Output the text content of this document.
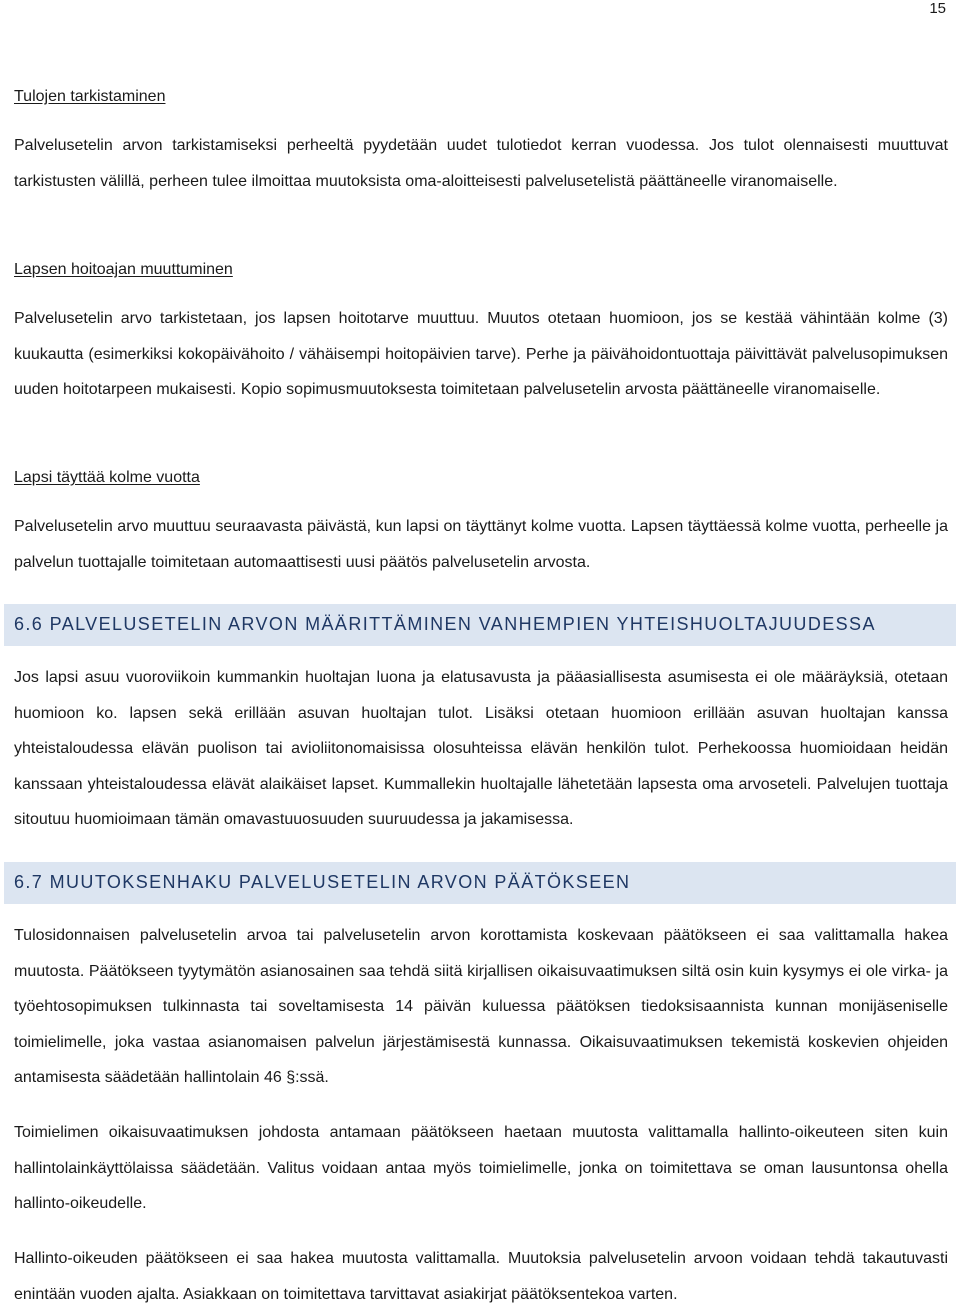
15
Tulojen tarkistaminen

Palvelusetelin arvon tarkistamiseksi perheeltä pyydetään uudet tulotiedot kerran vuodessa. Jos tulot olennaisesti muuttuvat tarkistusten välillä, perheen tulee ilmoittaa muutoksista oma-aloitteisesti palvelusetelistä päättäneelle viranomaiselle.

Lapsen hoitoajan muuttuminen

Palvelusetelin arvo tarkistetaan, jos lapsen hoitotarve muuttuu. Muutos otetaan huomioon, jos se kestää vähintään kolme (3) kuukautta (esimerkiksi kokopäivähoito / vähäisempi hoitopäivien tarve). Perhe ja päivähoidontuottaja päivittävät palvelusopimuksen uuden hoitotarpeen mukaisesti. Kopio sopimusmuutoksesta toimitetaan palvelusetelin arvosta päättäneelle viranomaiselle.

Lapsi täyttää kolme vuotta

Palvelusetelin arvo muuttuu seuraavasta päivästä, kun lapsi on täyttänyt kolme vuotta. Lapsen täyttäessä kolme vuotta, perheelle ja palvelun tuottajalle toimitetaan automaattisesti uusi päätös palvelusetelin arvosta.

6.6 PALVELUSETELIN ARVON MÄÄRITTÄMINEN VANHEMPIEN YHTEISHUOLTAJUUDESSA

Jos lapsi asuu vuoroviikoin kummankin huoltajan luona ja elatusavusta ja pääasiallisesta asumisesta ei ole määräyksiä, otetaan huomioon ko. lapsen sekä erillään asuvan huoltajan tulot. Lisäksi otetaan huomioon erillään asuvan huoltajan kanssa yhteistaloudessa elävän puolison tai avioliitonomaisissa olosuhteissa elävän henkilön tulot. Perhekoossa huomioidaan heidän kanssaan yhteistaloudessa elävät alaikäiset lapset. Kummallekin huoltajalle lähetetään lapsesta oma arvoseteli. Palvelujen tuottaja sitoutuu huomioimaan tämän omavastuuosuuden suuruudessa ja jakamisessa.

6.7 MUUTOKSENHAKU PALVELUSETELIN ARVON PÄÄTÖKSEEN

Tulosidonnaisen palvelusetelin arvoa tai palvelusetelin arvon korottamista koskevaan päätökseen ei saa valittamalla hakea muutosta. Päätökseen tyytymätön asianosainen saa tehdä siitä kirjallisen oikaisuvaatimuksen siltä osin kuin kysymys ei ole virka- ja työehtosopimuksen tulkinnasta tai soveltamisesta 14 päivän kuluessa päätöksen tiedoksisaannista kunnan monijäseniselle toimielimelle, joka vastaa asianomaisen palvelun järjestämisestä kunnassa. Oikaisuvaatimuksen tekemistä koskevien ohjeiden antamisesta säädetään hallintolain 46 §:ssä.

Toimielimen oikaisuvaatimuksen johdosta antamaan päätökseen haetaan muutosta valittamalla hallinto-oikeuteen siten kuin hallintolainkäyttölaissa säädetään. Valitus voidaan antaa myös toimielimelle, jonka on toimitettava se oman lausuntonsa ohella hallinto-oikeudelle.

Hallinto-oikeuden päätökseen ei saa hakea muutosta valittamalla. Muutoksia palvelusetelin arvoon voidaan tehdä takautuvasti enintään vuoden ajalta. Asiakkaan on toimitettava tarvittavat asiakirjat päätöksentekoa varten.
